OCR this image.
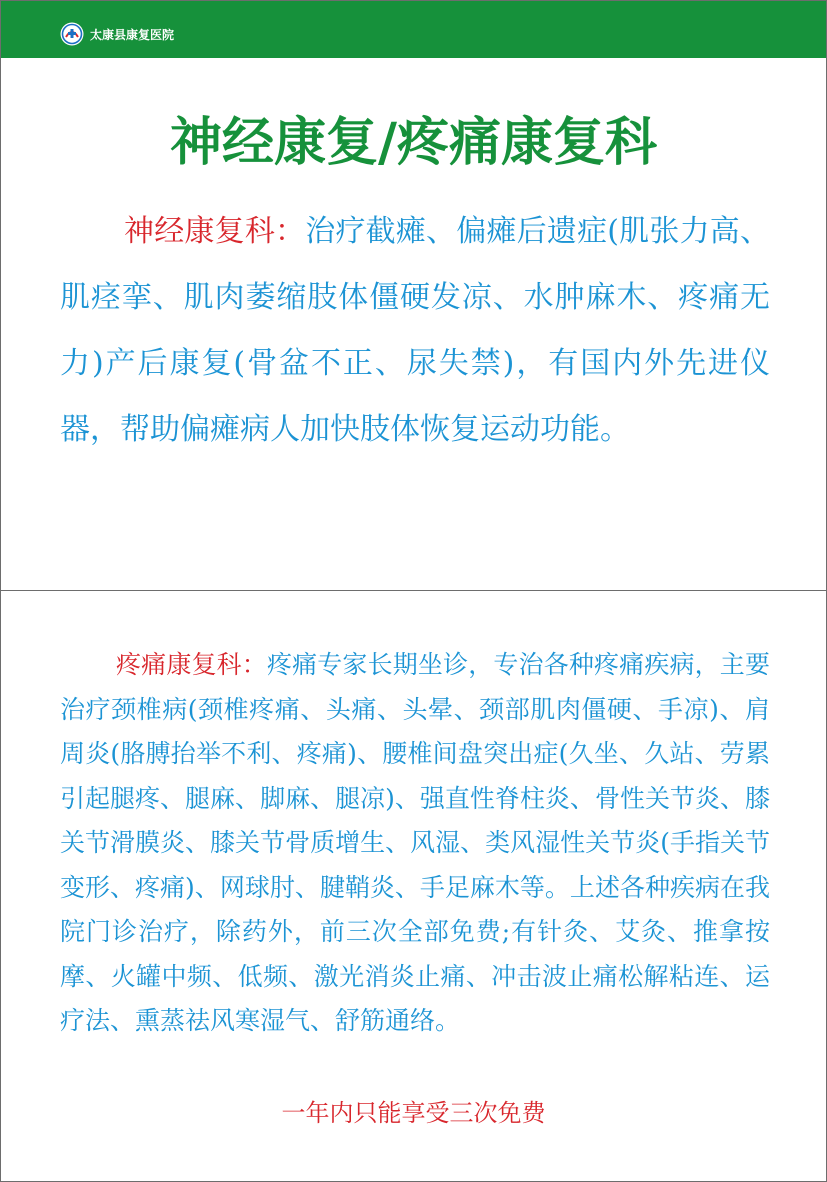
太康县康复医院
神经康复/疼痛康复科

神经康复科：治疗截瘫、偏瘫后遗症(肌张力高、肌痉挛、肌肉萎缩肢体僵硬发凉、水肿麻木、疼痛无力)产后康复(骨盆不正、尿失禁)，有国内外先进仪器，帮助偏瘫病人加快肢体恢复运动功能。

疼痛康复科：疼痛专家长期坐诊，专治各种疼痛疾病，主要治疗颈椎病(颈椎疼痛、头痛、头晕、颈部肌肉僵硬、手凉)、肩周炎(胳膊抬举不利、疼痛)、腰椎间盘突出症(久坐、久站、劳累引起腿疼、腿麻、脚麻、腿凉)、强直性脊柱炎、骨性关节炎、膝关节滑膜炎、膝关节骨质增生、风湿、类风湿性关节炎(手指关节变形、疼痛)、网球肘、腱鞘炎、手足麻木等。上述各种疾病在我院门诊治疗，除药外，前三次全部免费;有针灸、艾灸、推拿按摩、火罐中频、低频、激光消炎止痛、冲击波止痛松解粘连、运疗法、熏蒸祛风寒湿气、舒筋通络。

一年内只能享受三次免费
